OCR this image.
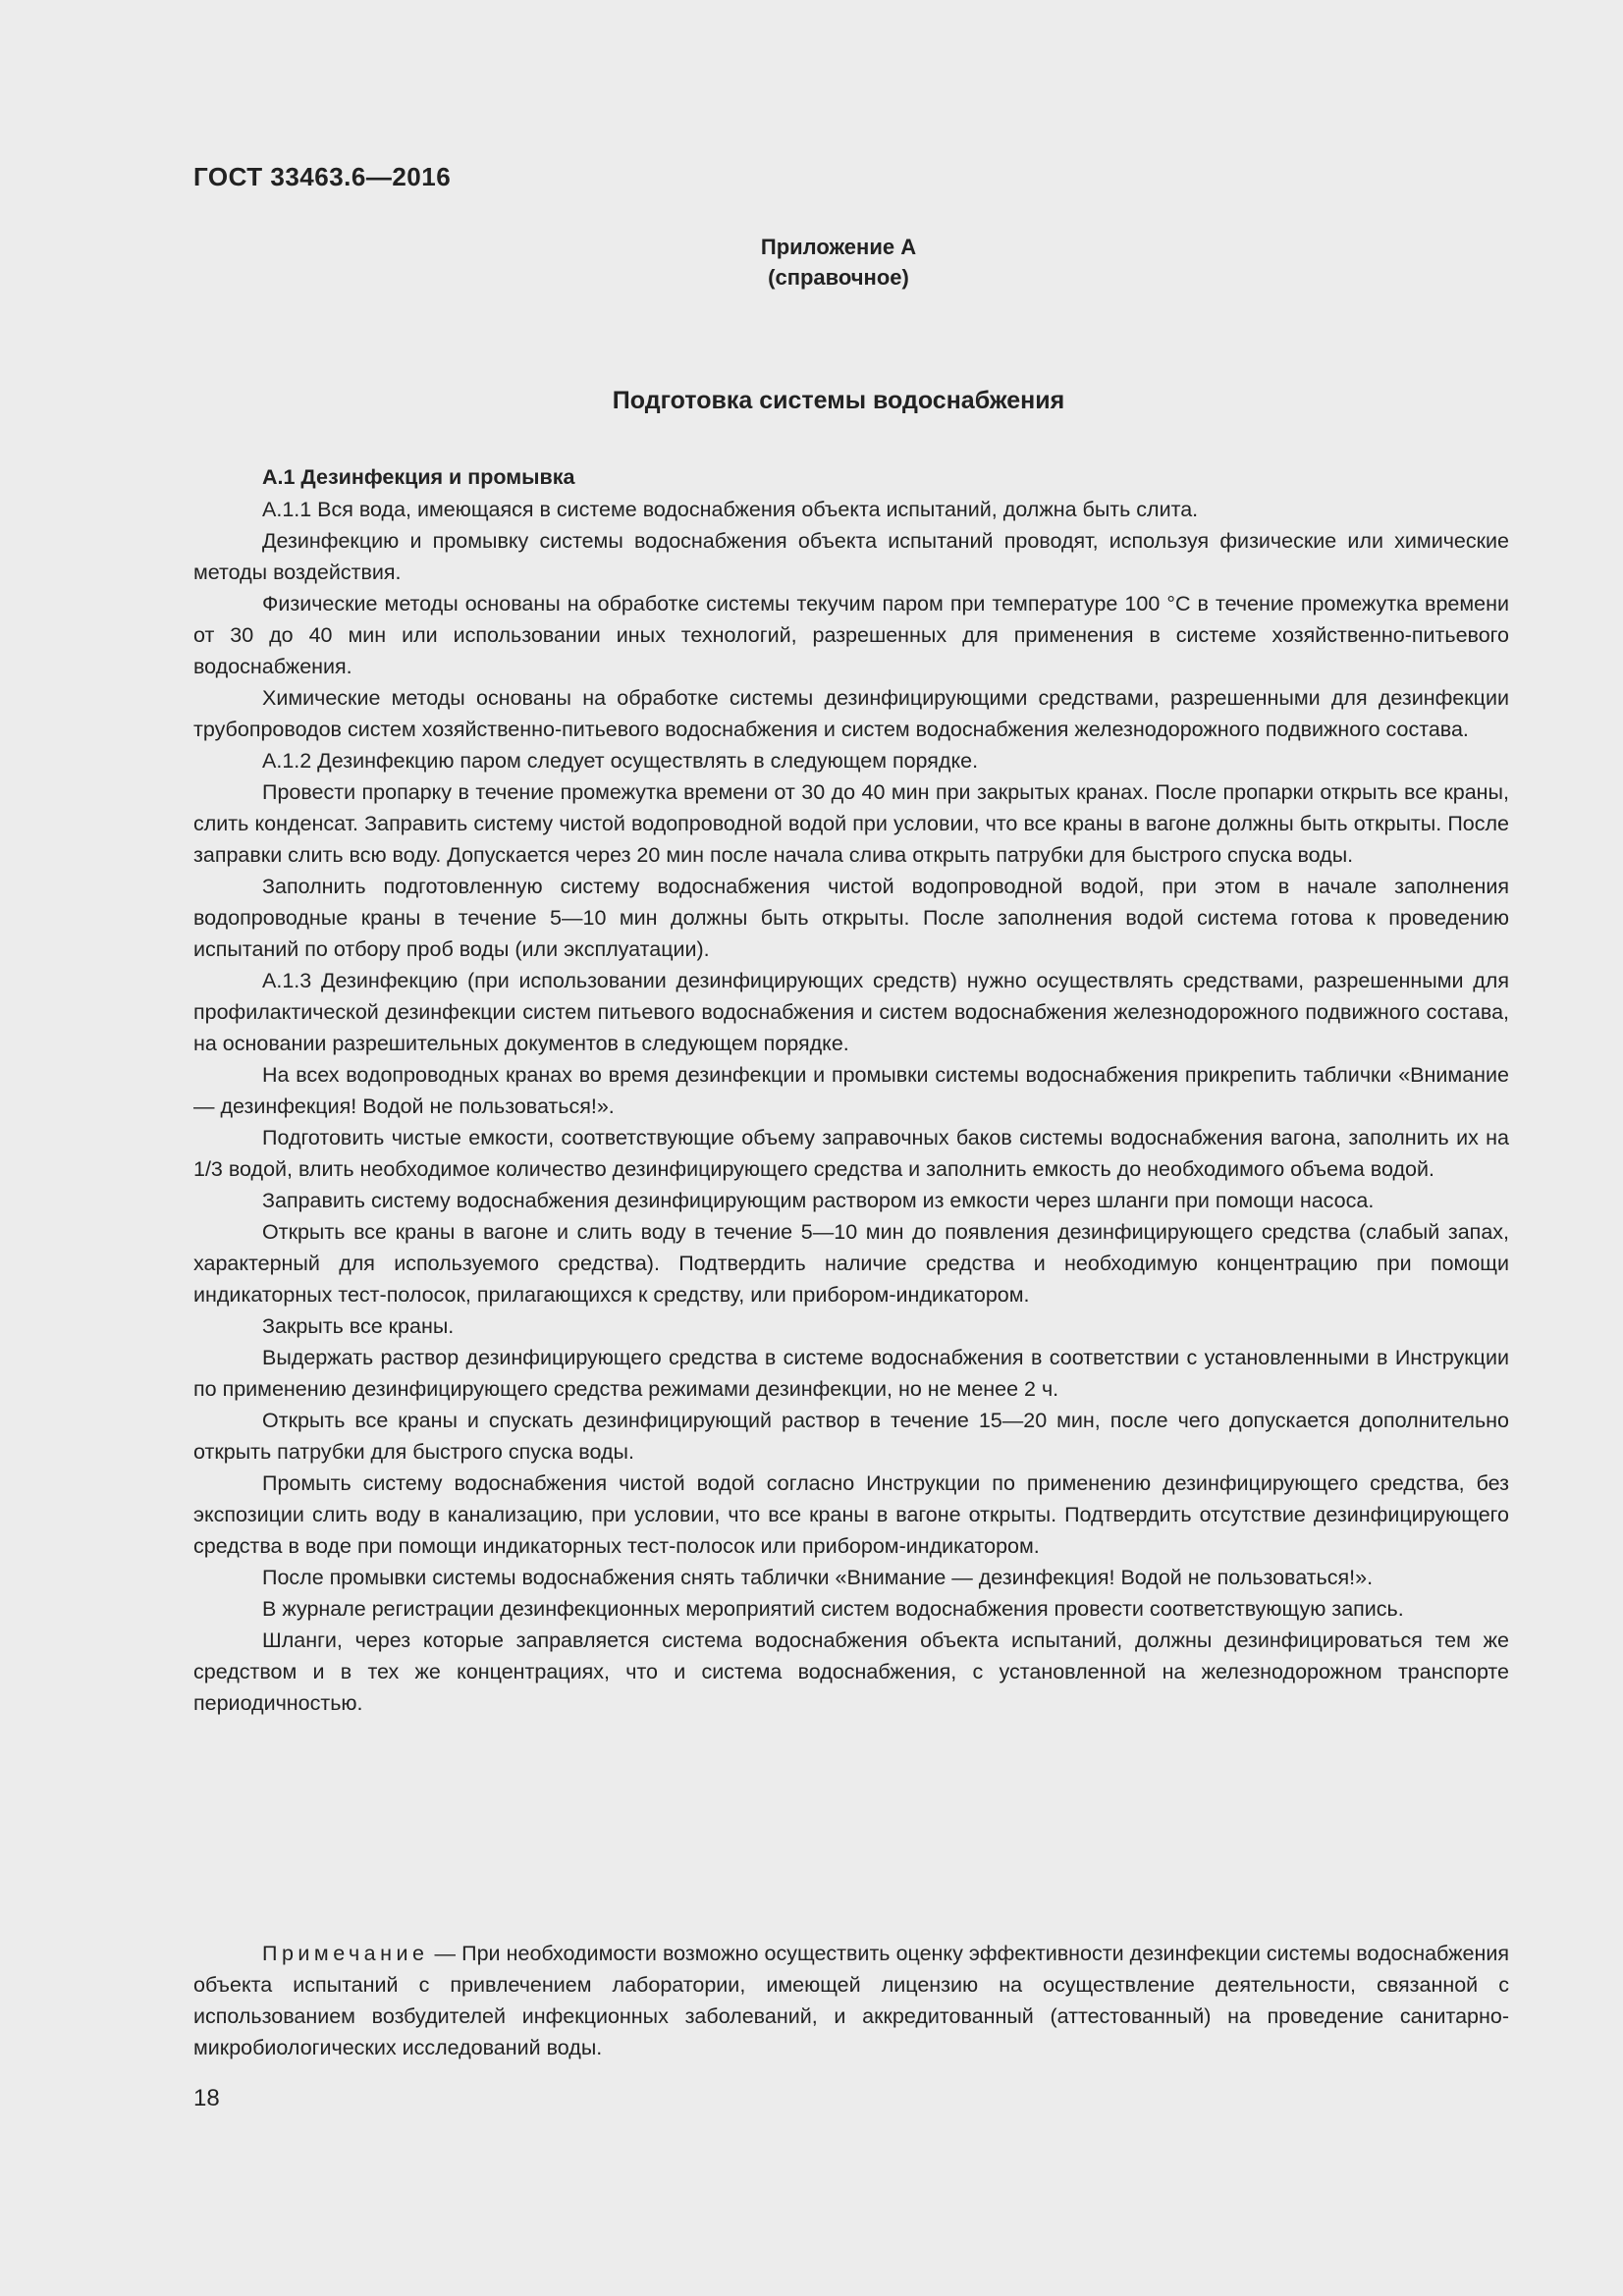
ГОСТ 33463.6—2016
Приложение А
(справочное)
Подготовка системы водоснабжения
А.1 Дезинфекция и промывка

А.1.1 Вся вода, имеющаяся в системе водоснабжения объекта испытаний, должна быть слита.

Дезинфекцию и промывку системы водоснабжения объекта испытаний проводят, используя физические или химические методы воздействия.

Физические методы основаны на обработке системы текучим паром при температуре 100 °С в течение промежутка времени от 30 до 40 мин или использовании иных технологий, разрешенных для применения в системе хозяйственно-питьевого водоснабжения.

Химические методы основаны на обработке системы дезинфицирующими средствами, разрешенными для дезинфекции трубопроводов систем хозяйственно-питьевого водоснабжения и систем водоснабжения железнодорожного подвижного состава.

А.1.2 Дезинфекцию паром следует осуществлять в следующем порядке.

Провести пропарку в течение промежутка времени от 30 до 40 мин при закрытых кранах. После пропарки открыть все краны, слить конденсат. Заправить систему чистой водопроводной водой при условии, что все краны в вагоне должны быть открыты. После заправки слить всю воду. Допускается через 20 мин после начала слива открыть патрубки для быстрого спуска воды.

Заполнить подготовленную систему водоснабжения чистой водопроводной водой, при этом в начале заполнения водопроводные краны в течение 5—10 мин должны быть открыты. После заполнения водой система готова к проведению испытаний по отбору проб воды (или эксплуатации).

А.1.3 Дезинфекцию (при использовании дезинфицирующих средств) нужно осуществлять средствами, разрешенными для профилактической дезинфекции систем питьевого водоснабжения и систем водоснабжения железнодорожного подвижного состава, на основании разрешительных документов в следующем порядке.

На всех водопроводных кранах во время дезинфекции и промывки системы водоснабжения прикрепить таблички «Внимание — дезинфекция! Водой не пользоваться!».

Подготовить чистые емкости, соответствующие объему заправочных баков системы водоснабжения вагона, заполнить их на 1/3 водой, влить необходимое количество дезинфицирующего средства и заполнить емкость до необходимого объема водой.

Заправить систему водоснабжения дезинфицирующим раствором из емкости через шланги при помощи насоса.

Открыть все краны в вагоне и слить воду в течение 5—10 мин до появления дезинфицирующего средства (слабый запах, характерный для используемого средства). Подтвердить наличие средства и необходимую концентрацию при помощи индикаторных тест-полосок, прилагающихся к средству, или прибором-индикатором.

Закрыть все краны.

Выдержать раствор дезинфицирующего средства в системе водоснабжения в соответствии с установленными в Инструкции по применению дезинфицирующего средства режимами дезинфекции, но не менее 2 ч.

Открыть все краны и спускать дезинфицирующий раствор в течение 15—20 мин, после чего допускается дополнительно открыть патрубки для быстрого спуска воды.

Промыть систему водоснабжения чистой водой согласно Инструкции по применению дезинфицирующего средства, без экспозиции слить воду в канализацию, при условии, что все краны в вагоне открыты. Подтвердить отсутствие дезинфицирующего средства в воде при помощи индикаторных тест-полосок или прибором-индикатором.

После промывки системы водоснабжения снять таблички «Внимание — дезинфекция! Водой не пользоваться!».

В журнале регистрации дезинфекционных мероприятий систем водоснабжения провести соответствующую запись.

Шланги, через которые заправляется система водоснабжения объекта испытаний, должны дезинфицироваться тем же средством и в тех же концентрациях, что и система водоснабжения, с установленной на железнодорожном транспорте периодичностью.

Примечание — При необходимости возможно осуществить оценку эффективности дезинфекции системы водоснабжения объекта испытаний с привлечением лаборатории, имеющей лицензию на осуществление деятельности, связанной с использованием возбудителей инфекционных заболеваний, и аккредитованный (аттестованный) на проведение санитарно-микробиологических исследований воды.
18
